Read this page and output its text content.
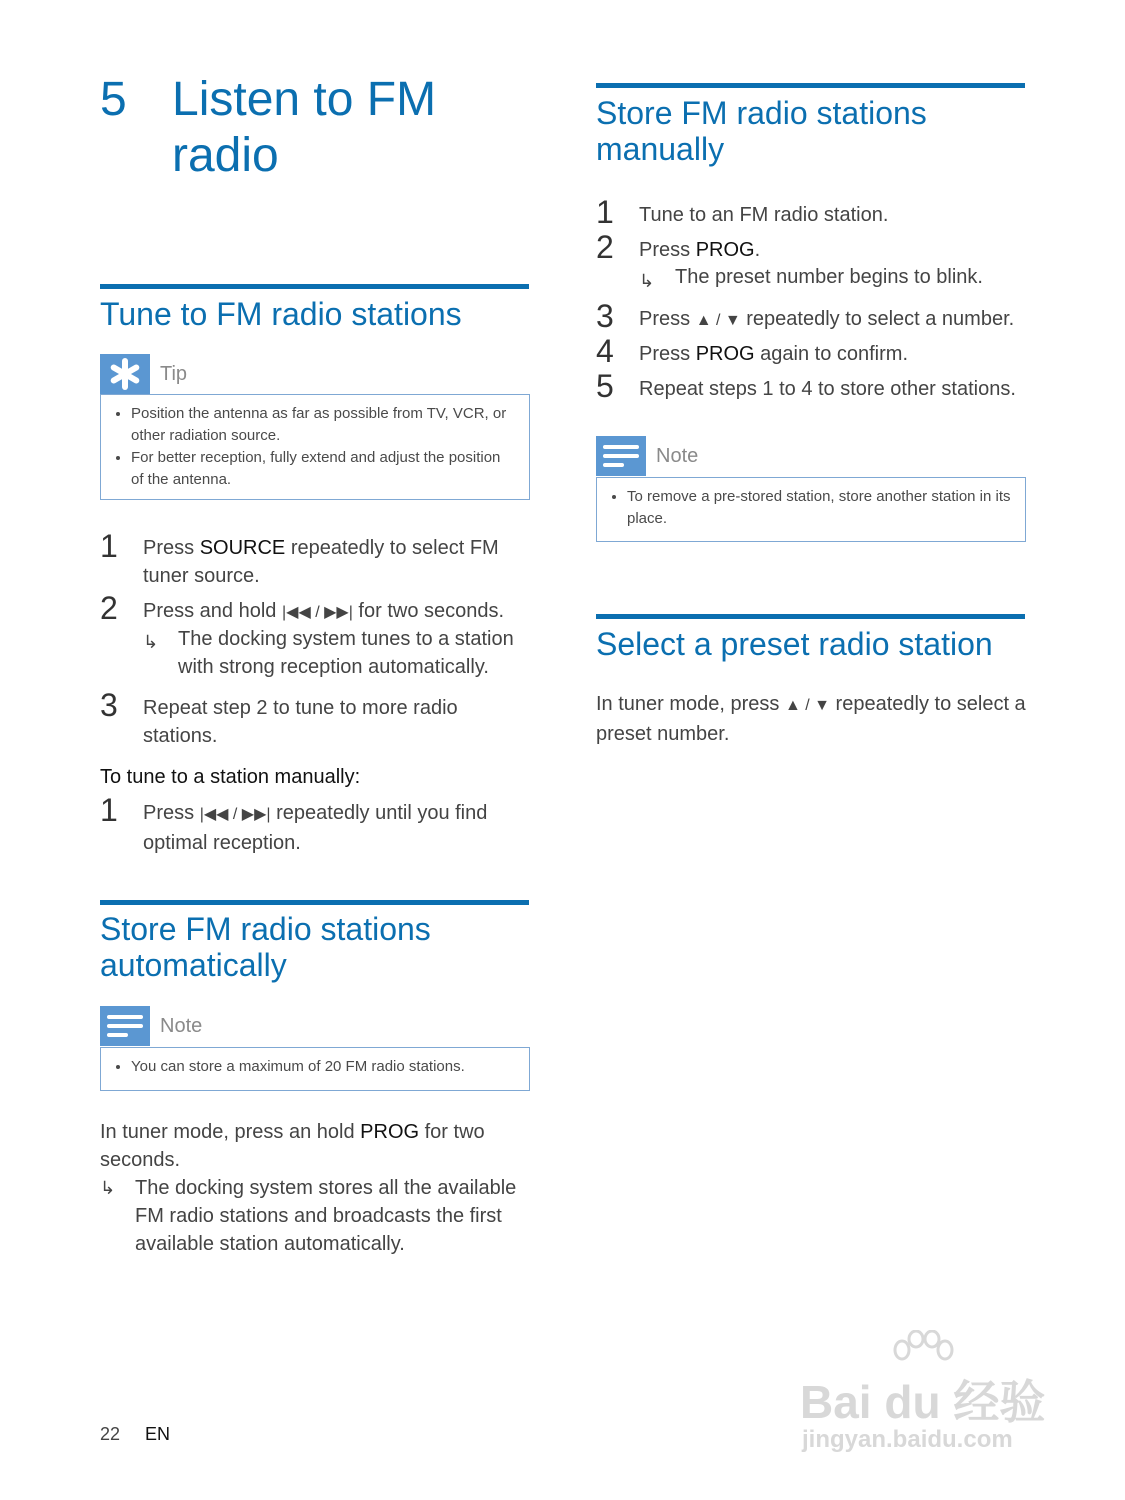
5 Listen to FM radio
Tune to FM radio stations
Tip
• Position the antenna as far as possible from TV, VCR, or other radiation source.
• For better reception, fully extend and adjust the position of the antenna.
1 Press SOURCE repeatedly to select FM tuner source.
2 Press and hold |◀◀ / ▶▶| for two seconds.
↳ The docking system tunes to a station with strong reception automatically.
3 Repeat step 2 to tune to more radio stations.
To tune to a station manually:
1 Press |◀◀ / ▶▶| repeatedly until you find optimal reception.
Store FM radio stations automatically
Note
• You can store a maximum of 20 FM radio stations.
In tuner mode, press an hold PROG for two seconds.
↳ The docking system stores all the available FM radio stations and broadcasts the first available station automatically.
Store FM radio stations manually
1 Tune to an FM radio station.
2 Press PROG.
↳ The preset number begins to blink.
3 Press ▲ / ▼ repeatedly to select a number.
4 Press PROG again to confirm.
5 Repeat steps 1 to 4 to store other stations.
Note
• To remove a pre-stored station, store another station in its place.
Select a preset radio station
In tuner mode, press ▲ / ▼ repeatedly to select a preset number.
22 EN
Bai du 经验
jingyan.baidu.com
